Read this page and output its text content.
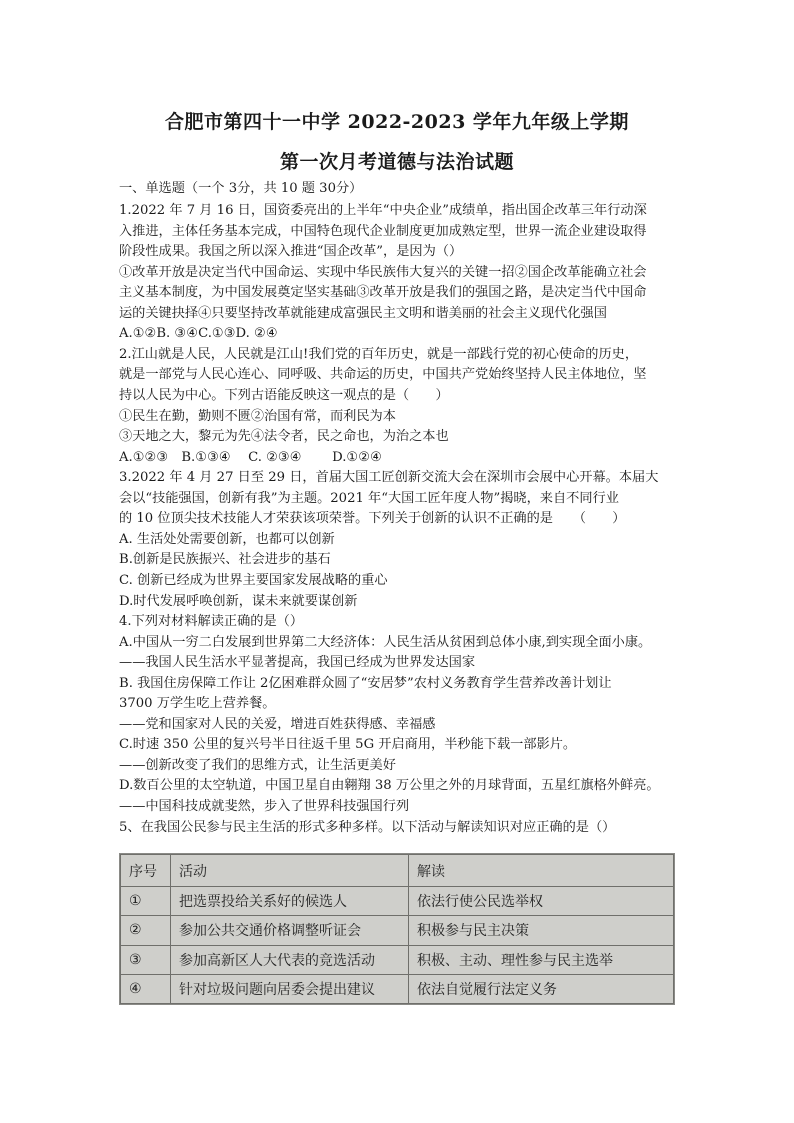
合肥市第四十一中学 2022-2023 学年九年级上学期
第一次月考道德与法治试题
一、单选题（一个 3分，共 10 题 30分）
1.2022 年 7 月 16 日，国资委亮出的上半年“中央企业”成绩单，指出国企改革三年行动深
入推进，主体任务基本完成，中国特色现代企业制度更加成熟定型，世界一流企业建设取得
阶段性成果。我国之所以深入推进“国企改革”，是因为（）
①改革开放是决定当代中国命运、实现中华民族伟大复兴的关键一招②国企改革能确立社会
主义基本制度，为中国发展奠定坚实基础③改革开放是我们的强国之路，是决定当代中国命
运的关键抉择④只要坚持改革就能建成富强民主文明和谐美丽的社会主义现代化强国
A.①②B. ③④C.①③D. ②④
2.江山就是人民，人民就是江山!我们党的百年历史，就是一部践行党的初心使命的历史，
就是一部党与人民心连心、同呼吸、共命运的历史，中国共产党始终坚持人民主体地位，坚
持以人民为中心。下列古语能反映这一观点的是（　　）
①民生在勤，勤则不匮②治国有常，而利民为本
③天地之大，黎元为先④法令者，民之命也，为治之本也
A.①②③　B.①③④　 C. ②③④　　 D.①②④
3.2022 年 4 月 27 日至 29 日，首届大国工匠创新交流大会在深圳市会展中心开幕。本届大
会以“技能强国，创新有我”为主题。2021 年“大国工匠年度人物”揭晓，来自不同行业
的 10 位顶尖技术技能人才荣获该项荣誉。下列关于创新的认识不正确的是　　（　　）
A. 生活处处需要创新，也都可以创新
B.创新是民族振兴、社会进步的基石
C. 创新已经成为世界主要国家发展战略的重心
D.时代发展呼唤创新，谋未来就要谋创新
4.下列对材料解读正确的是（）
A.中国从一穷二白发展到世界第二大经济体：人民生活从贫困到总体小康,到实现全面小康。
——我国人民生活水平显著提高，我国已经成为世界发达国家
B. 我国住房保障工作让 2亿困难群众圆了“安居梦”农村义务教育学生营养改善计划让
3700 万学生吃上营养餐。
——党和国家对人民的关爱，增进百姓获得感、幸福感
C.时速 350 公里的复兴号半日往返千里 5G 开启商用，半秒能下载一部影片。
——创新改变了我们的思维方式，让生活更美好
D.数百公里的太空轨道，中国卫星自由翱翔 38 万公里之外的月球背面，五星红旗格外鲜亮。
——中国科技成就斐然，步入了世界科技强国行列
5、在我国公民参与民主生活的形式多种多样。以下活动与解读知识对应正确的是（）
序号	活动	解读
①	把选票投给关系好的候选人	依法行使公民选举权
②	参加公共交通价格调整听证会	积极参与民主决策
③	参加高新区人大代表的竞选活动	积极、主动、理性参与民主选举
④	针对垃圾问题向居委会提出建议	依法自觉履行法定义务
